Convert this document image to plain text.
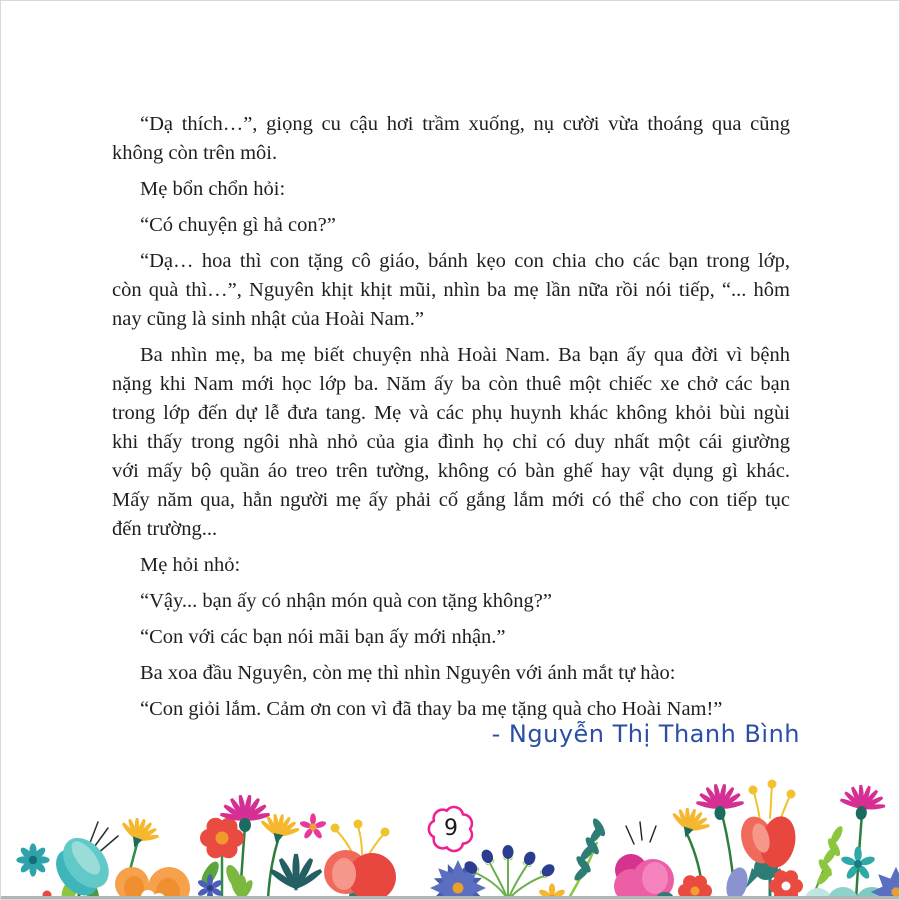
“Dạ thích…”, giọng cu cậu hơi trầm xuống, nụ cười vừa thoáng qua cũng
không còn trên môi.
Mẹ bổn chổn hỏi:
“Có chuyện gì hả con?”
“Dạ… hoa thì con tặng cô giáo, bánh kẹo con chia cho các bạn trong lớp,
còn quà thì…”, Nguyên khịt khịt mũi, nhìn ba mẹ lần nữa rồi nói tiếp, “... hôm
nay cũng là sinh nhật của Hoài Nam.”
Ba nhìn mẹ, ba mẹ biết chuyện nhà Hoài Nam. Ba bạn ấy qua đời vì bệnh
nặng khi Nam mới học lớp ba. Năm ấy ba còn thuê một chiếc xe chở các bạn
trong lớp đến dự lễ đưa tang. Mẹ và các phụ huynh khác không khỏi bùi ngùi
khi thấy trong ngôi nhà nhỏ của gia đình họ chỉ có duy nhất một cái giường
với mấy bộ quần áo treo trên tường, không có bàn ghế hay vật dụng gì khác.
Mấy năm qua, hẳn người mẹ ấy phải cố gắng lắm mới có thể cho con tiếp tục
đến trường...
Mẹ hỏi nhỏ:
“Vậy... bạn ấy có nhận món quà con tặng không?”
“Con với các bạn nói mãi bạn ấy mới nhận.”
Ba xoa đầu Nguyên, còn mẹ thì nhìn Nguyên với ánh mắt tự hào:
“Con giỏi lắm. Cảm ơn con vì đã thay ba mẹ tặng quà cho Hoài Nam!”
- Nguyễn Thị Thanh Bình
9
